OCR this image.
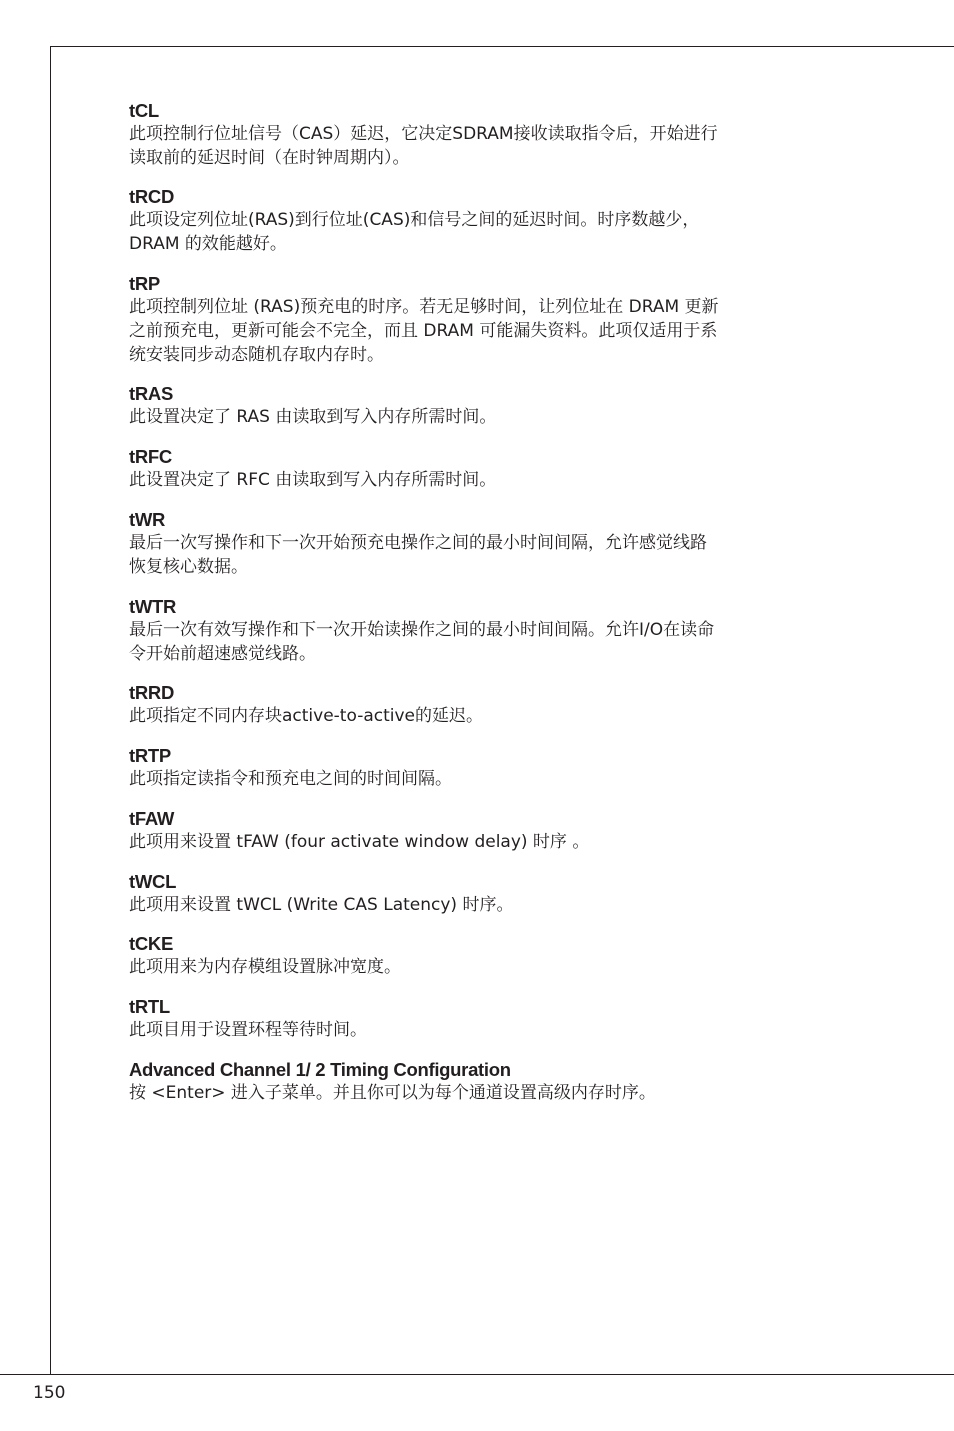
tCL
此项控制行位址信号（CAS）延迟，它决定SDRAM接收读取指令后，开始进行
读取前的延迟时间（在时钟周期内）。
tRCD
此项设定列位址(RAS)到行位址(CAS)和信号之间的延迟时间。时序数越少，
DRAM 的效能越好。
tRP
此项控制列位址 (RAS)预充电的时序。若无足够时间，让列位址在 DRAM 更新
之前预充电，更新可能会不完全，而且 DRAM 可能漏失资料。此项仅适用于系
统安装同步动态随机存取内存时。
tRAS
此设置决定了 RAS 由读取到写入内存所需时间。
tRFC
此设置决定了 RFC 由读取到写入内存所需时间。
tWR
最后一次写操作和下一次开始预充电操作之间的最小时间间隔，允许感觉线路
恢复核心数据。
tWTR
最后一次有效写操作和下一次开始读操作之间的最小时间间隔。允许I/O在读命
令开始前超速感觉线路。
tRRD
此项指定不同内存块active-to-active的延迟。
tRTP
此项指定读指令和预充电之间的时间间隔。
tFAW
此项用来设置 tFAW (four activate window delay) 时序 。
tWCL
此项用来设置 tWCL (Write CAS Latency) 时序。
tCKE
此项用来为内存模组设置脉冲宽度。
tRTL
此项目用于设置环程等待时间。
Advanced Channel 1/ 2 Timing Configuration
按 <Enter> 进入子菜单。并且你可以为每个通道设置高级内存时序。
150
